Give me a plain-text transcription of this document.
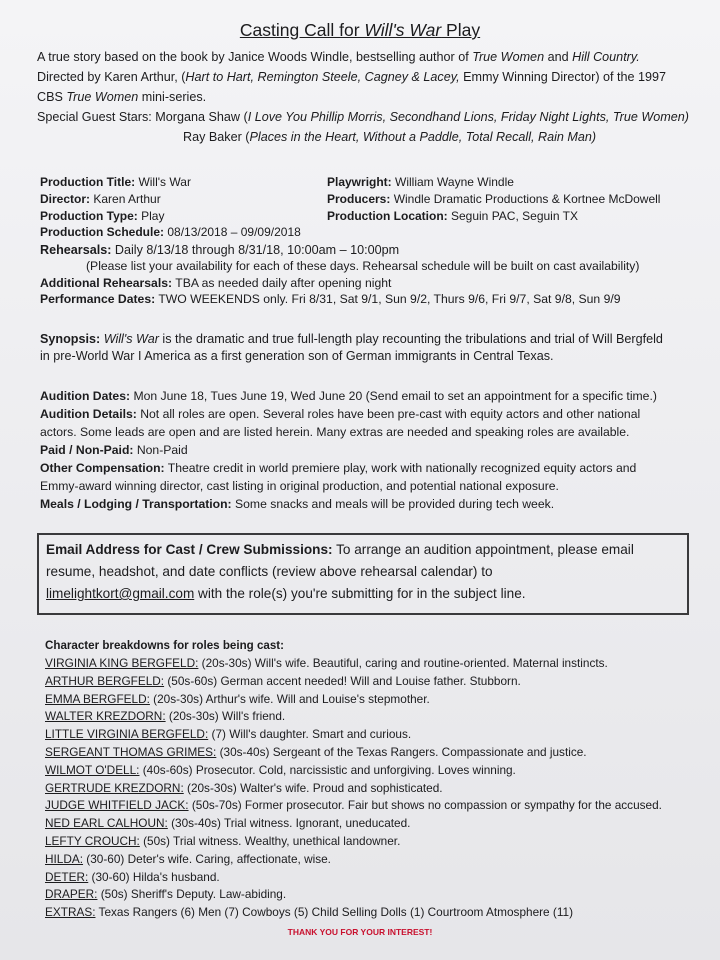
Casting Call for Will's War Play
A true story based on the book by Janice Woods Windle, bestselling author of True Women and Hill Country.
Directed by Karen Arthur, (Hart to Hart, Remington Steele, Cagney & Lacey, Emmy Winning Director) of the 1997
CBS True Women mini-series.
Special Guest Stars: Morgana Shaw (I Love You Phillip Morris, Secondhand Lions, Friday Night Lights, True Women)
Ray Baker (Places in the Heart, Without a Paddle, Total Recall, Rain Man)
Production Title: Will's War
Director: Karen Arthur
Production Type: Play
Production Schedule: 08/13/2018 – 09/09/2018
Playwright: William Wayne Windle
Producers: Windle Dramatic Productions & Kortnee McDowell
Production Location: Seguin PAC, Seguin TX
Rehearsals: Daily 8/13/18 through 8/31/18, 10:00am – 10:00pm
(Please list your availability for each of these days. Rehearsal schedule will be built on cast availability)
Additional Rehearsals: TBA as needed daily after opening night
Performance Dates: TWO WEEKENDS only. Fri 8/31, Sat 9/1, Sun 9/2, Thurs 9/6, Fri 9/7, Sat 9/8, Sun 9/9
Synopsis: Will's War is the dramatic and true full-length play recounting the tribulations and trial of Will Bergfeld
in pre-World War I America as a first generation son of German immigrants in Central Texas.
Audition Dates: Mon June 18, Tues June 19, Wed June 20 (Send email to set an appointment for a specific time.)
Audition Details: Not all roles are open. Several roles have been pre-cast with equity actors and other national
actors. Some leads are open and are listed herein. Many extras are needed and speaking roles are available.
Paid / Non-Paid: Non-Paid
Other Compensation: Theatre credit in world premiere play, work with nationally recognized equity actors and
Emmy-award winning director, cast listing in original production, and potential national exposure.
Meals / Lodging / Transportation: Some snacks and meals will be provided during tech week.
Email Address for Cast / Crew Submissions: To arrange an audition appointment, please email
resume, headshot, and date conflicts (review above rehearsal calendar) to
limelightkort@gmail.com with the role(s) you're submitting for in the subject line.
Character breakdowns for roles being cast:
VIRGINIA KING BERGFELD: (20s-30s) Will's wife. Beautiful, caring and routine-oriented. Maternal instincts.
ARTHUR BERGFELD: (50s-60s) German accent needed! Will and Louise father. Stubborn.
EMMA BERGFELD: (20s-30s) Arthur's wife. Will and Louise's stepmother.
WALTER KREZDORN: (20s-30s) Will's friend.
LITTLE VIRGINIA BERGFELD: (7) Will's daughter. Smart and curious.
SERGEANT THOMAS GRIMES: (30s-40s) Sergeant of the Texas Rangers. Compassionate and justice.
WILMOT O'DELL: (40s-60s) Prosecutor. Cold, narcissistic and unforgiving. Loves winning.
GERTRUDE KREZDORN: (20s-30s) Walter's wife. Proud and sophisticated.
JUDGE WHITFIELD JACK: (50s-70s) Former prosecutor. Fair but shows no compassion or sympathy for the accused.
NED EARL CALHOUN: (30s-40s) Trial witness. Ignorant, uneducated.
LEFTY CROUCH: (50s) Trial witness. Wealthy, unethical landowner.
HILDA: (30-60) Deter's wife. Caring, affectionate, wise.
DETER: (30-60) Hilda's husband.
DRAPER: (50s) Sheriff's Deputy. Law-abiding.
EXTRAS: Texas Rangers (6) Men (7) Cowboys (5) Child Selling Dolls (1) Courtroom Atmosphere (11)
THANK YOU FOR YOUR INTEREST!
